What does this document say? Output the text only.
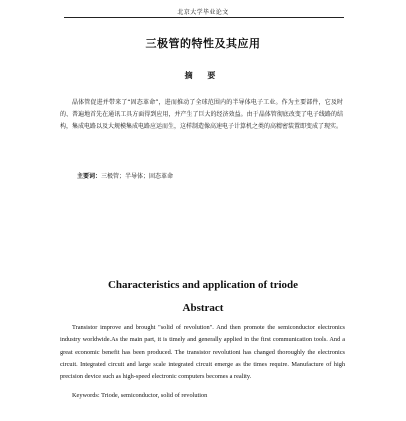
北京大学毕业论文
三极管的特性及其应用
摘 要

晶体管促进并带来了“固态革命”，进而推动了全球范围内的半导体电子工业。作为主要部件，它及时的、普遍地首先在通讯工具方面得到应用，并产生了巨大的经济效益。由于晶体管彻底改变了电子线路的结构，集成电路以及大规模集成电路应运而生，这样制造像高速电子计算机之类的高精密装置即变成了现实。

主要词：三极管；半导体；固态革命
Characteristics and application of triode
Abstract

Transistor improve and brought "solid of revolution". And then promote the semiconductor electronics industry worldwide.As the main part, it is timely and generally applied in the first communication tools. And a great economic benefit has been produced. The transistor revolutioni has changed thoroughly the electronics circuit. Integrated circuit and large scale integrated circuit emerge as the times require. Manufacture of high precision device such as high-speed electronic computers becomes a reality.

Keywords: Triode, semiconductor, solid of revolution
